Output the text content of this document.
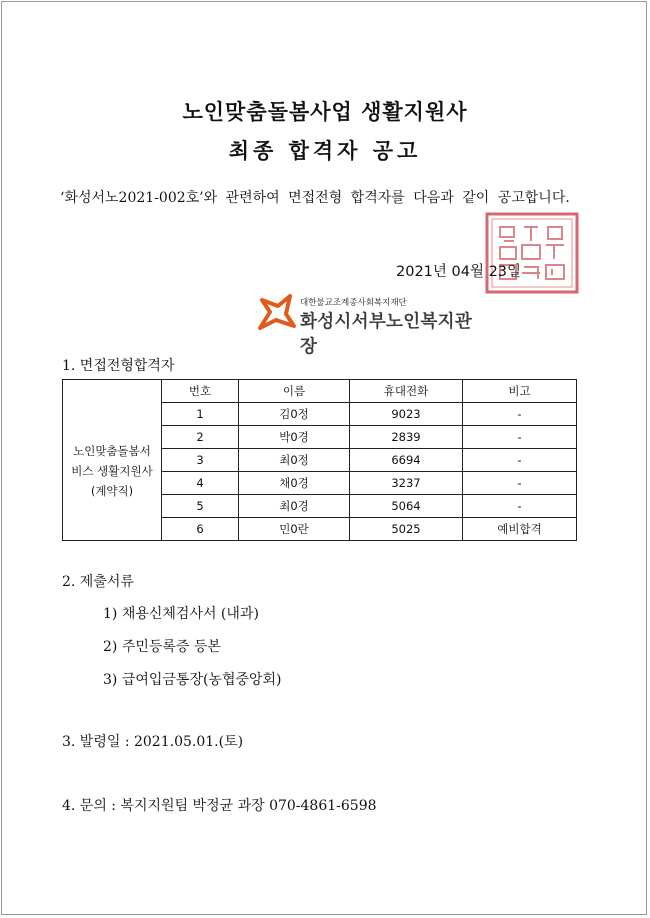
노인맞춤돌봄사업 생활지원사
최종 합격자 공고
‘화성서노2021-002호’와 관련하여 면접전형 합격자를 다음과 같이 공고합니다.
2021년 04월 23일
대한불교조계종사회복지재단
화성시서부노인복지관장
1. 면접전형합격자
	번호	이름	휴대전화	비고

노인맞춤돌봄서
비스 생활지원사
(계약직)	1	김0정	9023	-
	2	박0경	2839	-
	3	최0정	6694	-
	4	채0경	3237	-
	5	최0경	5064	-
	6	민0란	5025	예비합격
2. 제출서류
1) 채용신체검사서 (내과)
2) 주민등록증 등본
3) 급여입금통장(농협중앙회)
3. 발령일 : 2021.05.01.(토)
4. 문의 : 복지지원팀 박정균 과장 070-4861-6598
